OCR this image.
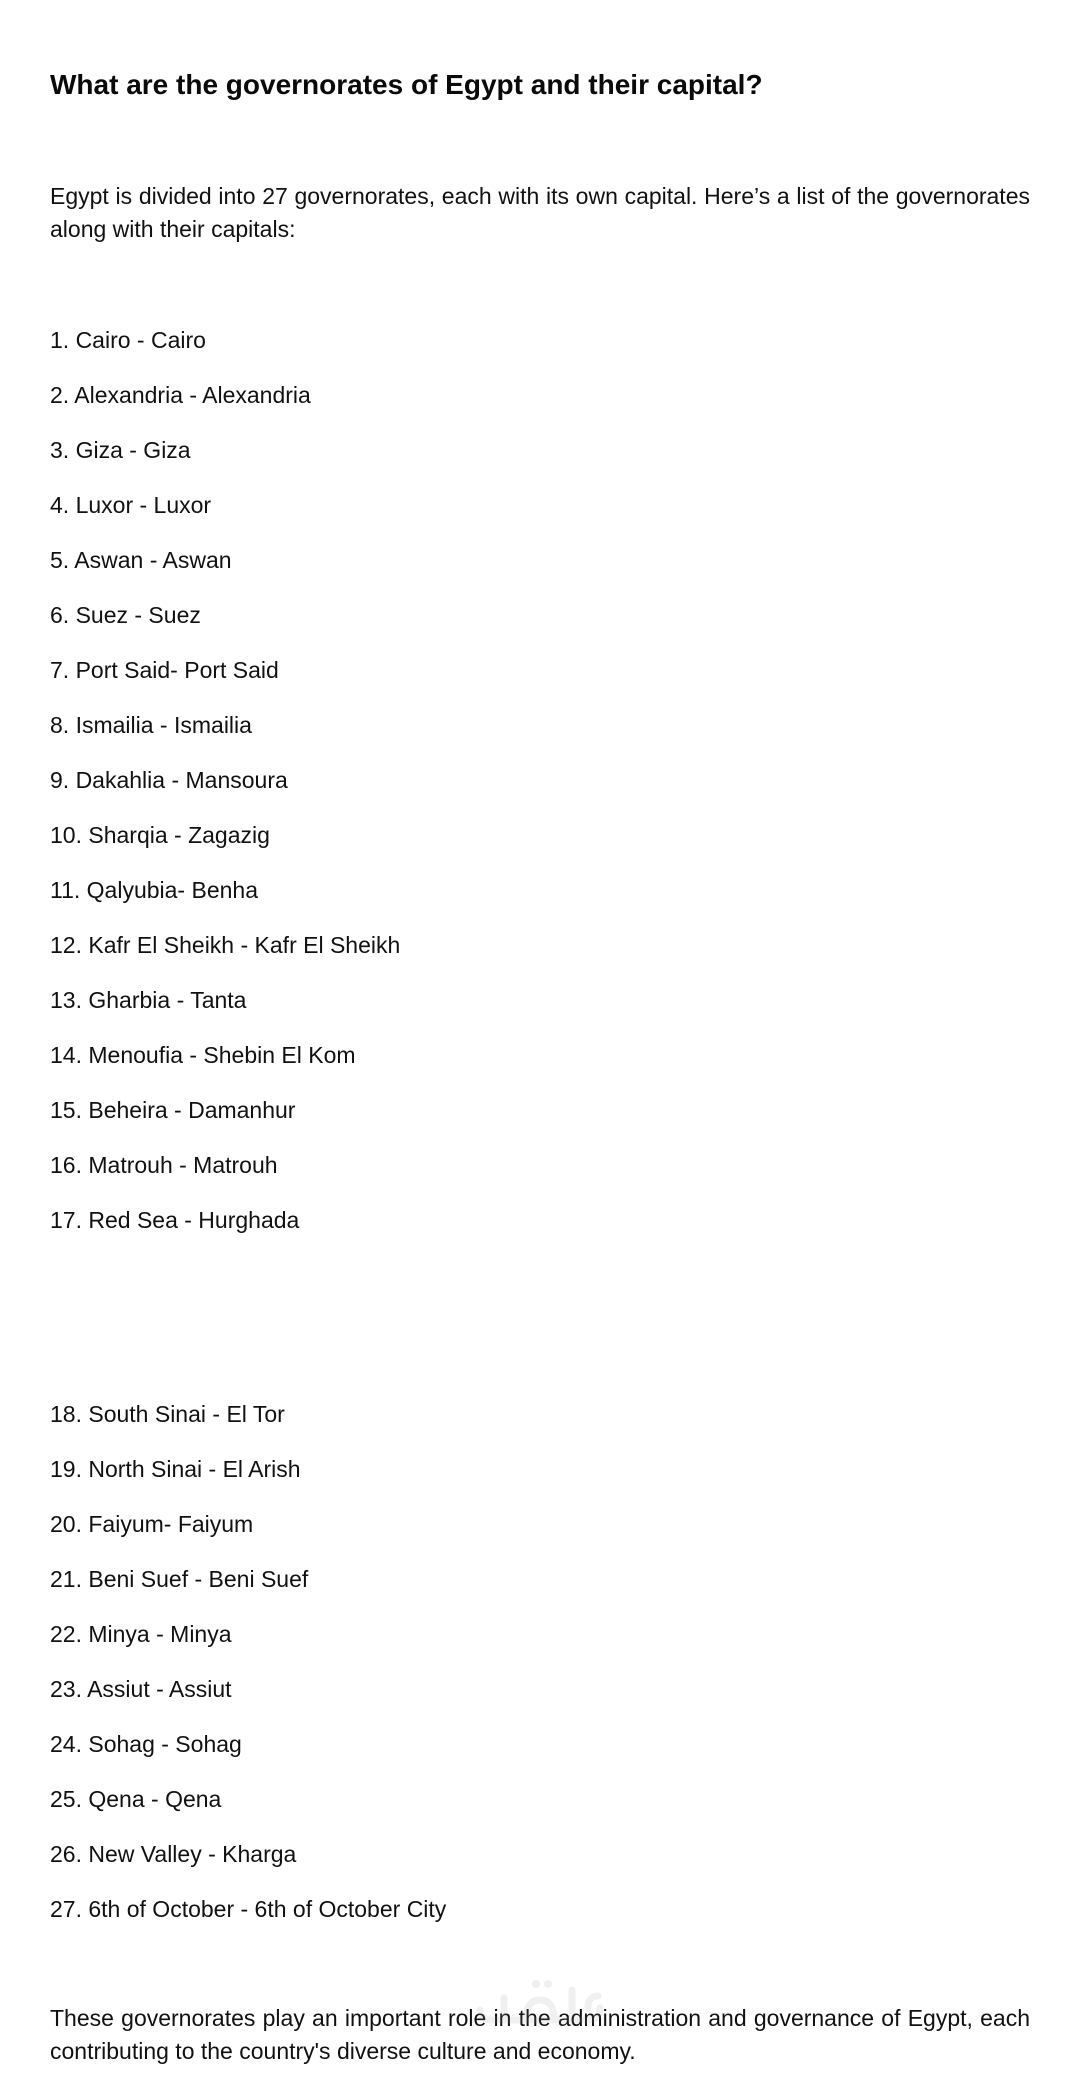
What are the governorates of Egypt and their capital?

Egypt is divided into 27 governorates, each with its own capital. Here’s a list of the governorates along with their capitals:

1. Cairo - Cairo
2. Alexandria - Alexandria
3. Giza - Giza
4. Luxor - Luxor
5. Aswan - Aswan
6. Suez - Suez
7. Port Said- Port Said
8. Ismailia - Ismailia
9. Dakahlia - Mansoura
10. Sharqia - Zagazig
11. Qalyubia- Benha
12. Kafr El Sheikh - Kafr El Sheikh
13. Gharbia - Tanta
14. Menoufia - Shebin El Kom
15. Beheira - Damanhur
16. Matrouh - Matrouh
17. Red Sea - Hurghada
18. South Sinai - El Tor
19. North Sinai - El Arish
20. Faiyum- Faiyum
21. Beni Suef - Beni Suef
22. Minya - Minya
23. Assiut - Assiut
24. Sohag - Sohag
25. Qena - Qena
26. New Valley - Kharga
27. 6th of October - 6th of October City

These governorates play an important role in the administration and governance of Egypt, each contributing to the country's diverse culture and economy.
